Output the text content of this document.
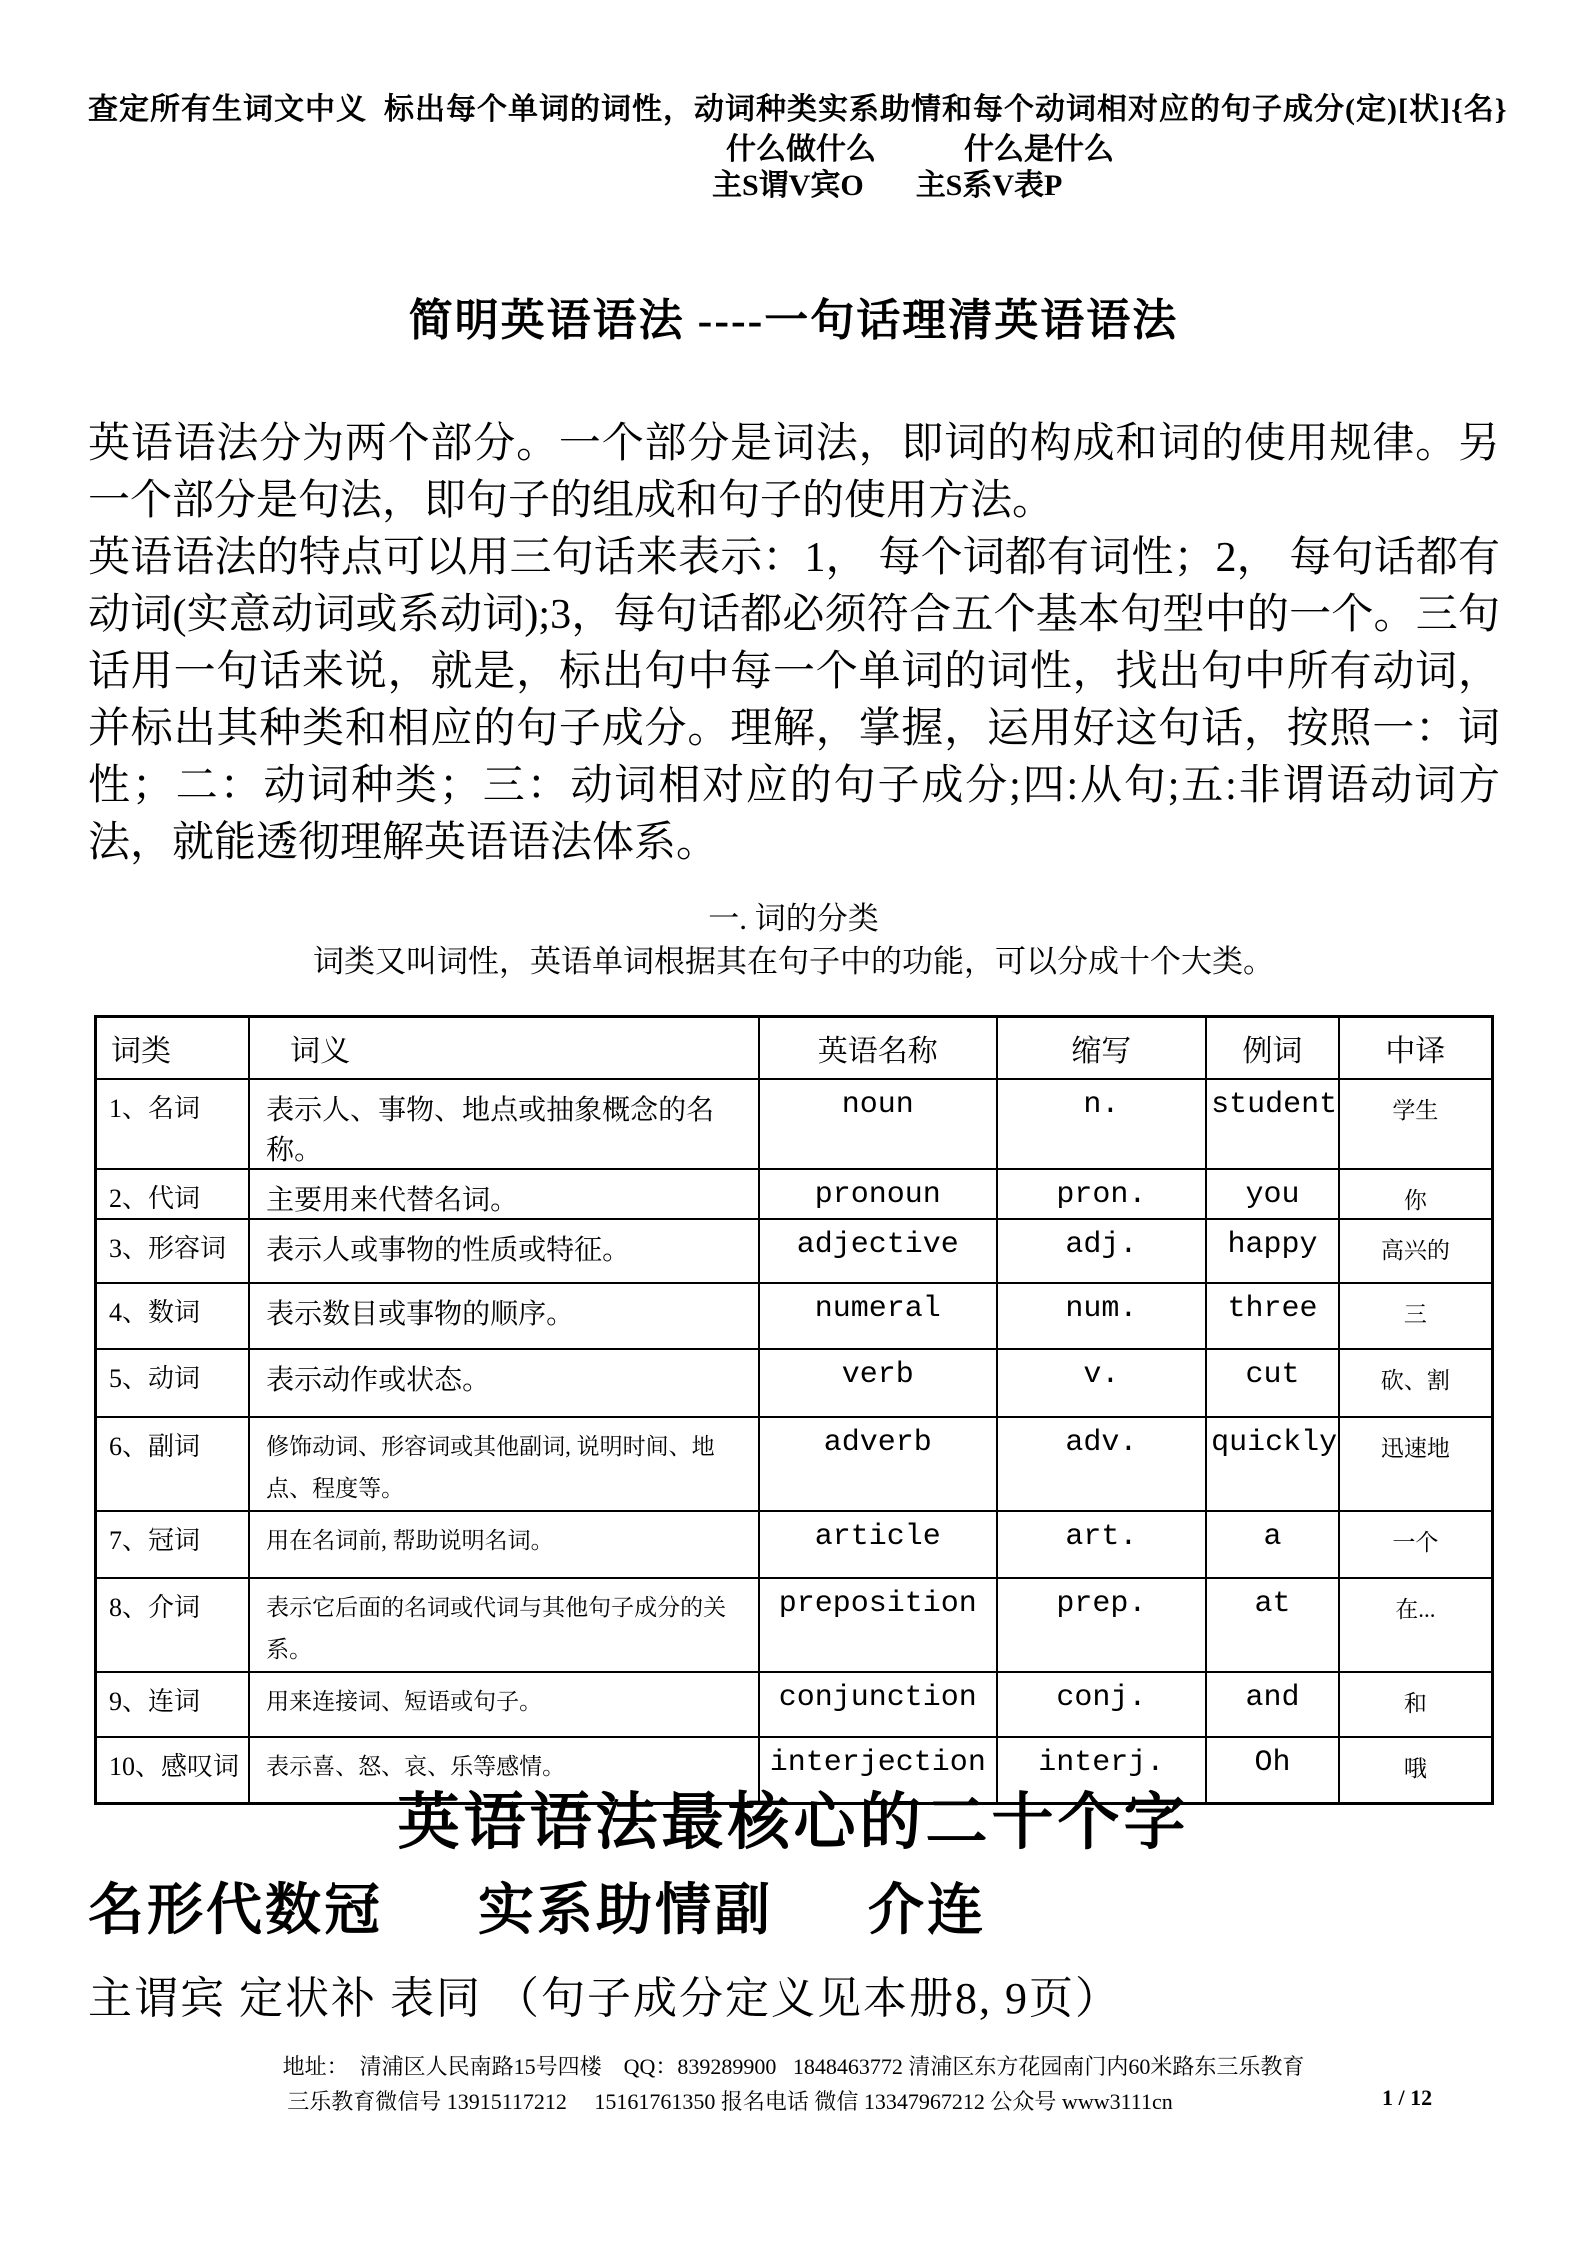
查定所有生词文中义  标出每个单词的词性，动词种类实系助情和每个动词相对应的句子成分(定)[状]{名}
什么做什么	什么是什么
主S谓V宾O 主S系V表P
简明英语语法 ----一句话理清英语语法

英语语法分为两个部分。一个部分是词法，即词的构成和词的使用规律。另一个部分是句法，即句子的组成和句子的使用方法。

英语语法的特点可以用三句话来表示：1， 每个词都有词性；2， 每句话都有动词(实意动词或系动词);3，每句话都必须符合五个基本句型中的一个。三句话用一句话来说，就是，标出句中每一个单词的词性，找出句中所有动词，并标出其种类和相应的句子成分。理解，掌握，运用好这句话，按照一：词性；二：动词种类；三：动词相对应的句子成分;四:从句;五:非谓语动词方法，就能透彻理解英语语法体系。

一. 词的分类
词类又叫词性，英语单词根据其在句子中的功能，可以分成十个大类。
词类	词义	英语名称	缩写	例词	中译
1、名词	表示人、事物、地点或抽象概念的名称。	noun	n.	student	学生
2、代词	主要用来代替名词。	pronoun	pron.	you	你
3、形容词	表示人或事物的性质或特征。	adjective	adj.	happy	高兴的
4、数词	表示数目或事物的顺序。	numeral	num.	three	三
5、动词	表示动作或状态。	verb	v.	cut	砍、割
6、副词	修饰动词、形容词或其他副词, 说明时间、地点、程度等。	adverb	adv.	quickly	迅速地
7、冠词	用在名词前, 帮助说明名词。	article	art.	a	一个
8、介词	表示它后面的名词或代词与其他句子成分的关系。	preposition	prep.	at	在...
9、连词	用来连接词、短语或句子。	conjunction	conj.	and	和
10、感叹词	表示喜、怒、哀、乐等感情。	interjection	interj.	Oh	哦
英语语法最核心的二十个字
名形代数冠 实系助情副 介连
主谓宾 定状补 表同 （句子成分定义见本册8, 9页）
地址：  清浦区人民南路15号四楼    QQ：839289900   1848463772 清浦区东方花园南门内60米路东三乐教育
三乐教育微信号 13915117212     15161761350 报名电话 微信 13347967212 公众号 www3111cn	1 / 12
